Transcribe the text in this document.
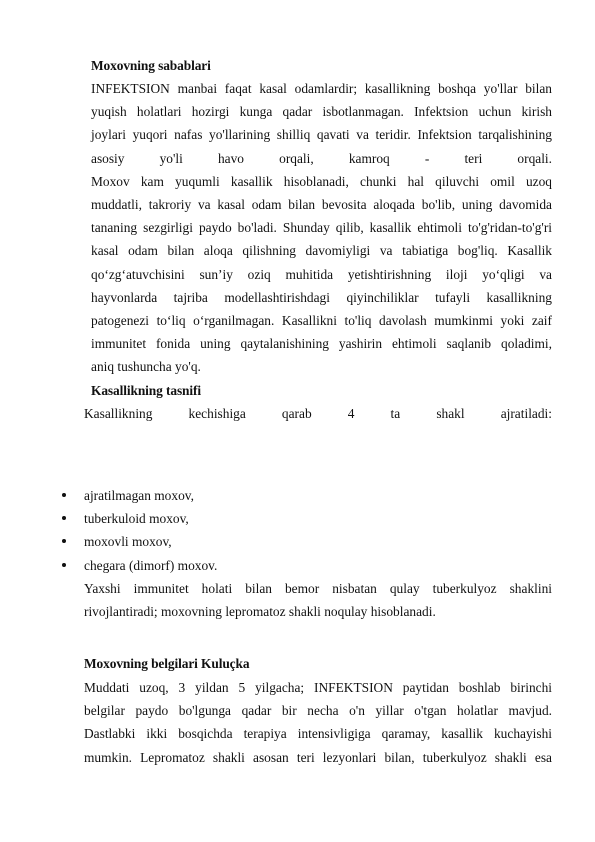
Moxovning sabablari
INFEKTSION manbai faqat kasal odamlardir; kasallikning boshqa yo'llar bilan
yuqish holatlari hozirgi kunga qadar isbotlanmagan. Infektsion uchun kirish
joylari yuqori nafas yo'llarining shilliq qavati va teridir. Infektsion tarqalishining
asosiy yo'li havo orqali, kamroq - teri orqali.
Moxov kam yuqumli kasallik hisoblanadi, chunki hal qiluvchi omil uzoq
muddatli, takroriy va kasal odam bilan bevosita aloqada bo'lib, uning davomida
tananing sezgirligi paydo bo'ladi. Shunday qilib, kasallik ehtimoli to'g'ridan-to'g'ri
kasal odam bilan aloqa qilishning davomiyligi va tabiatiga bog'liq. Kasallik
qo‘zg‘atuvchisini sun’iy oziq muhitida yetishtirishning iloji yo‘qligi va
hayvonlarda tajriba modellashtirishdagi qiyinchiliklar tufayli kasallikning
patogenezi to‘liq o‘rganilmagan. Kasallikni to'liq davolash mumkinmi yoki zaif
immunitet fonida uning qaytalanishining yashirin ehtimoli saqlanib qoladimi,
aniq tushuncha yo'q.
Kasallikning tasnifi
Kasallikning kechishiga qarab 4 ta shakl ajratiladi:
ajratilmagan moxov,
tuberkuloid moxov,
moxovli moxov,
chegara (dimorf) moxov.
Yaxshi immunitet holati bilan bemor nisbatan qulay tuberkulyoz shaklini
rivojlantiradi; moxovning lepromatoz shakli noqulay hisoblanadi.
Moxovning belgilari Kuluçka
Muddati uzoq, 3 yildan 5 yilgacha; INFEKTSION paytidan boshlab birinchi
belgilar paydo bo'lgunga qadar bir necha o'n yillar o'tgan holatlar mavjud.
Dastlabki ikki bosqichda terapiya intensivligiga qaramay, kasallik kuchayishi
mumkin. Lepromatoz shakli asosan teri lezyonlari bilan, tuberkulyoz shakli esa
